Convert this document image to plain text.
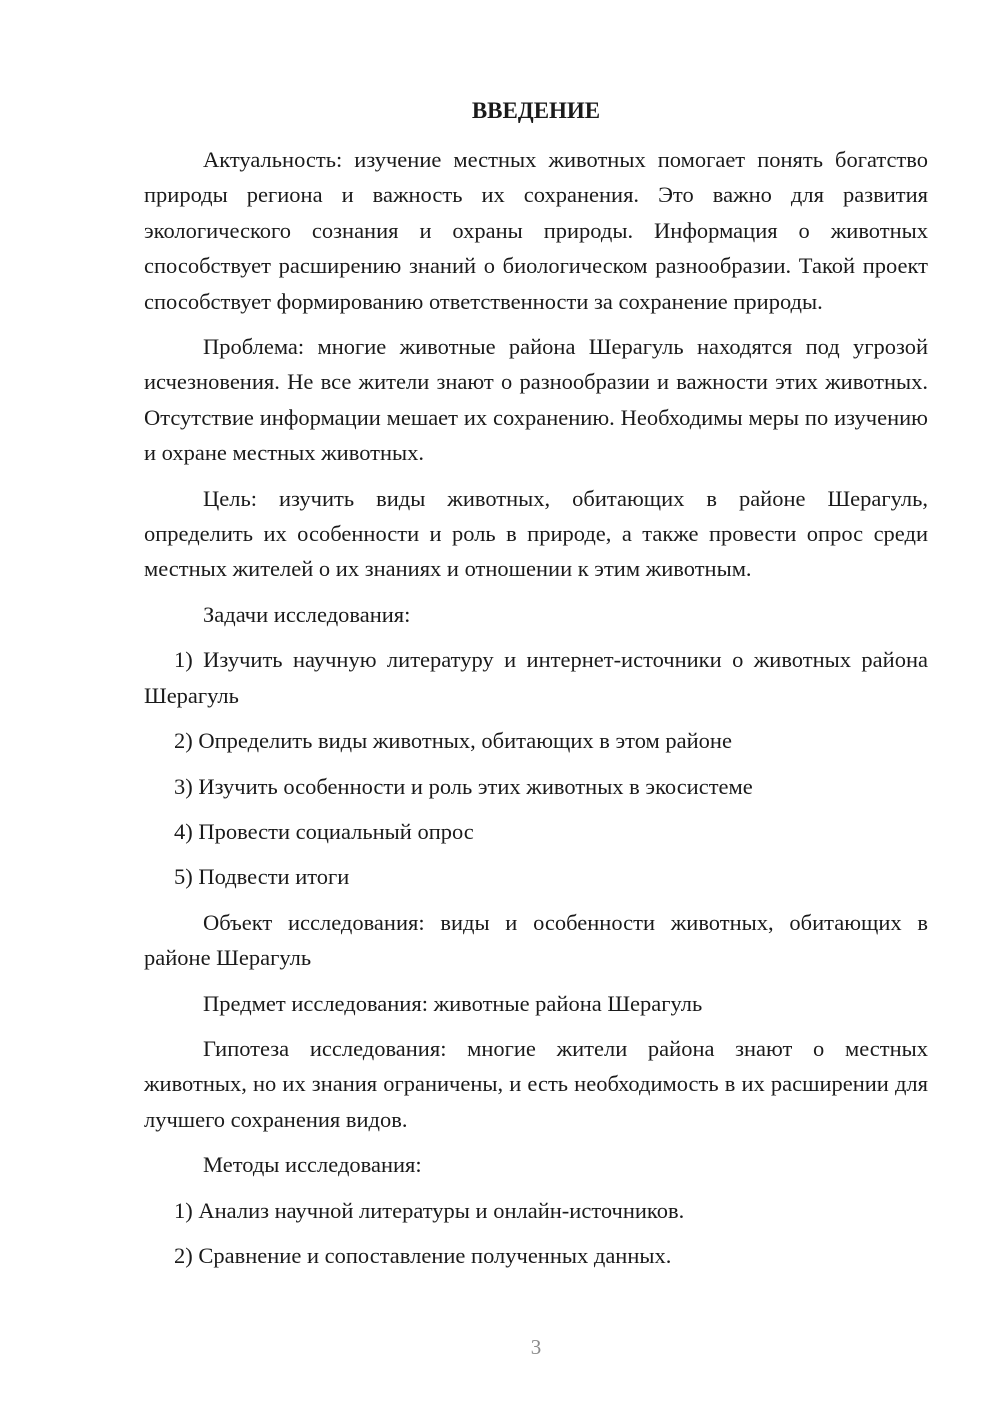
ВВЕДЕНИЕ

Актуальность: изучение местных животных помогает понять богатство природы региона и важность их сохранения. Это важно для развития экологического сознания и охраны природы. Информация о животных способствует расширению знаний о биологическом разнообразии. Такой проект способствует формированию ответственности за сохранение природы.

Проблема: многие животные района Шерагуль находятся под угрозой исчезновения. Не все жители знают о разнообразии и важности этих животных. Отсутствие информации мешает их сохранению. Необходимы меры по изучению и охране местных животных.

Цель: изучить виды животных, обитающих в районе Шерагуль, определить их особенности и роль в природе, а также провести опрос среди местных жителей о их знаниях и отношении к этим животным.

Задачи исследования:

1) Изучить научную литературу и интернет-источники о животных района Шерагуль

2) Определить виды животных, обитающих в этом районе

3) Изучить особенности и роль этих животных в экосистеме

4) Провести социальный опрос

5) Подвести итоги

Объект исследования: виды и особенности животных, обитающих в районе Шерагуль

Предмет исследования: животные района Шерагуль

Гипотеза исследования: многие жители района знают о местных животных, но их знания ограничены, и есть необходимость в их расширении для лучшего сохранения видов.

Методы исследования:

1) Анализ научной литературы и онлайн-источников.

2) Сравнение и сопоставление полученных данных.

3
